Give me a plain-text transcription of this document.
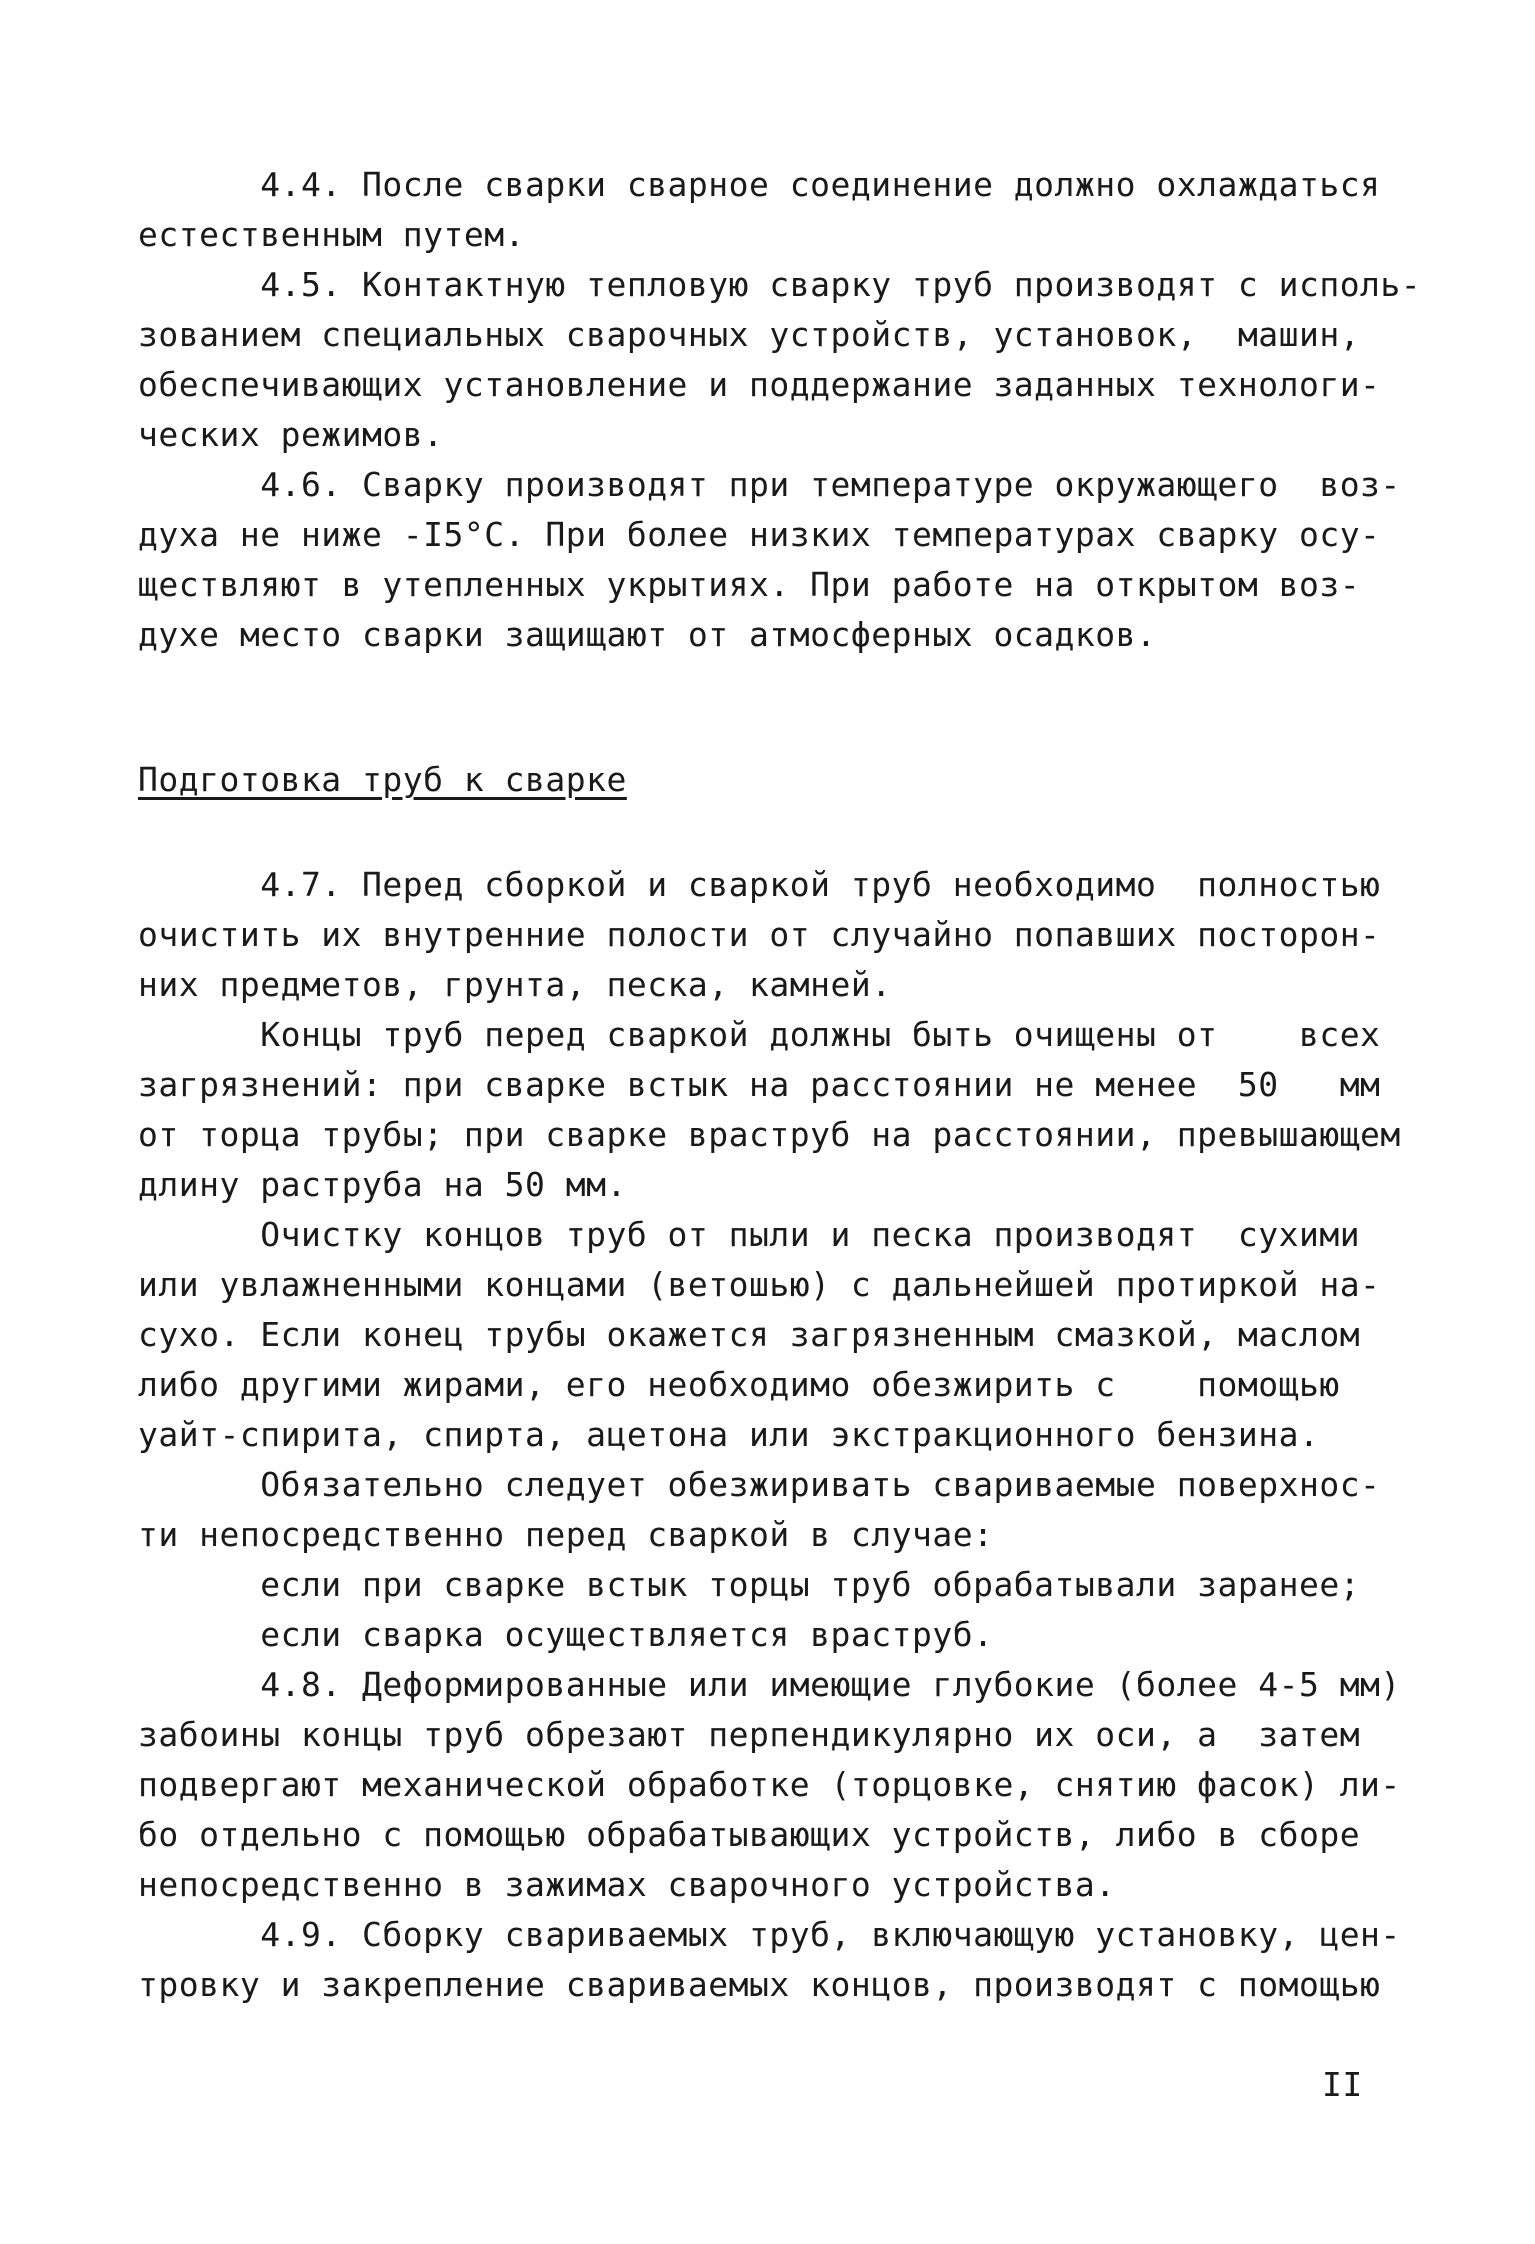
4.4. После сварки сварное соединение должно охлаждаться
естественным путем.
4.5. Контактную тепловую сварку труб производят с исполь-
зованием специальных сварочных устройств, установок,  машин,
обеспечивающих установление и поддержание заданных технологи-
ческих режимов.
4.6. Сварку производят при температуре окружающего  воз-
духа не ниже -I5°С. При более низких температурах сварку осу-
ществляют в утепленных укрытиях. При работе на открытом воз-
духе место сварки защищают от атмосферных осадков.
Подготовка труб к сварке
4.7. Перед сборкой и сваркой труб необходимо  полностью
очистить их внутренние полости от случайно попавших посторон-
них предметов, грунта, песка, камней.
Концы труб перед сваркой должны быть очищены от    всех
загрязнений: при сварке встык на расстоянии не менее  50   мм
от торца трубы; при сварке враструб на расстоянии, превышающем
длину раструба на 50 мм.
Очистку концов труб от пыли и песка производят  сухими
или увлажненными концами (ветошью) с дальнейшей протиркой на-
сухо. Если конец трубы окажется загрязненным смазкой, маслом
либо другими жирами, его необходимо обезжирить с    помощью
уайт-спирита, спирта, ацетона или экстракционного бензина.
Обязательно следует обезжиривать свариваемые поверхнос-
ти непосредственно перед сваркой в случае:
если при сварке встык торцы труб обрабатывали заранее;
если сварка осуществляется враструб.
4.8. Деформированные или имеющие глубокие (более 4-5 мм)
забоины концы труб обрезают перпендикулярно их оси, а  затем
подвергают механической обработке (торцовке, снятию фасок) ли-
бо отдельно с помощью обрабатывающих устройств, либо в сборе
непосредственно в зажимах сварочного устройства.
4.9. Сборку свариваемых труб, включающую установку, цен-
тровку и закрепление свариваемых концов, производят с помощью
II
